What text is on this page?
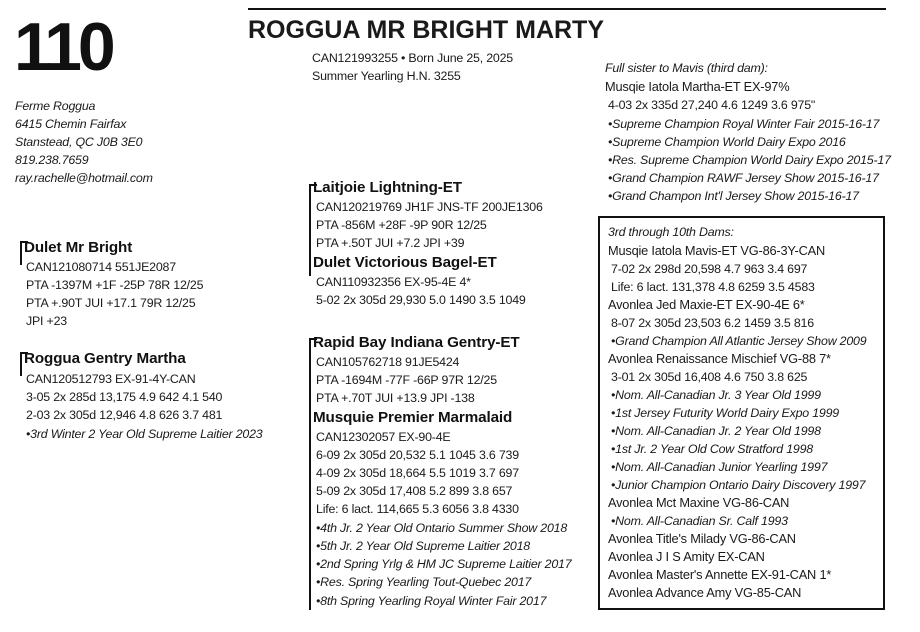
110	ROGGUA MR BRIGHT MARTY
CAN121993255 • Born June 25, 2025
Summer Yearling H.N. 3255
Ferme Roggua
6415 Chemin Fairfax
Stanstead, QC J0B 3E0
819.238.7659
ray.rachelle@hotmail.com
Dulet Mr Bright
CAN121080714 551JE2087
PTA -1397M +1F -25P 78R 12/25
PTA +.90T JUI +17.1 79R 12/25
JPI +23
Roggua Gentry Martha
CAN120512793 EX-91-4Y-CAN
3-05 2x 285d 13,175 4.9 642 4.1 540
2-03 2x 305d 12,946 4.8 626 3.7 481
•3rd Winter 2 Year Old Supreme Laitier 2023
Laitjoie Lightning-ET
CAN120219769 JH1F JNS-TF 200JE1306
PTA -856M +28F -9P 90R 12/25
PTA +.50T JUI +7.2 JPI +39
Dulet Victorious Bagel-ET
CAN110932356 EX-95-4E 4*
5-02 2x 305d 29,930 5.0 1490 3.5 1049
Rapid Bay Indiana Gentry-ET
CAN105762718 91JE5424
PTA -1694M -77F -66P 97R 12/25
PTA +.70T JUI +13.9 JPI -138
Musquie Premier Marmalaid
CAN12302057 EX-90-4E
6-09 2x 305d 20,532 5.1 1045 3.6 739
4-09 2x 305d 18,664 5.5 1019 3.7 697
5-09 2x 305d 17,408 5.2 899 3.8 657
Life: 6 lact. 114,665 5.3 6056 3.8 4330
•4th Jr. 2 Year Old Ontario Summer Show 2018
•5th Jr. 2 Year Old Supreme Laitier 2018
•2nd Spring Yrlg & HM JC Supreme Laitier 2017
•Res. Spring Yearling Tout-Quebec 2017
•8th Spring Yearling Royal Winter Fair 2017
Full sister to Mavis (third dam):
Musqie Iatola Martha-ET EX-97%
4-03 2x 335d 27,240 4.6 1249 3.6 975"
•Supreme Champion Royal Winter Fair 2015-16-17
•Supreme Champion World Dairy Expo 2016
•Res. Supreme Champion World Dairy Expo 2015-17
•Grand Champion RAWF Jersey Show 2015-16-17
•Grand Champon Int'l Jersey Show 2015-16-17
3rd through 10th Dams:
Musqie Iatola Mavis-ET VG-86-3Y-CAN
7-02 2x 298d 20,598 4.7 963 3.4 697
Life: 6 lact. 131,378 4.8 6259 3.5 4583
Avonlea Jed Maxie-ET EX-90-4E 6*
8-07 2x 305d 23,503 6.2 1459 3.5 816
•Grand Champion All Atlantic Jersey Show 2009
Avonlea Renaissance Mischief VG-88 7*
3-01 2x 305d 16,408 4.6 750 3.8 625
•Nom. All-Canadian Jr. 3 Year Old 1999
•1st Jersey Futurity World Dairy Expo 1999
•Nom. All-Canadian Jr. 2 Year Old 1998
•1st Jr. 2 Year Old Cow Stratford 1998
•Nom. All-Canadian Junior Yearling 1997
•Junior Champion Ontario Dairy Discovery 1997
Avonlea Mct Maxine VG-86-CAN
•Nom. All-Canadian Sr. Calf 1993
Avonlea Title's Milady VG-86-CAN
Avonlea J I S Amity EX-CAN
Avonlea Master's Annette EX-91-CAN 1*
Avonlea Advance Amy VG-85-CAN
